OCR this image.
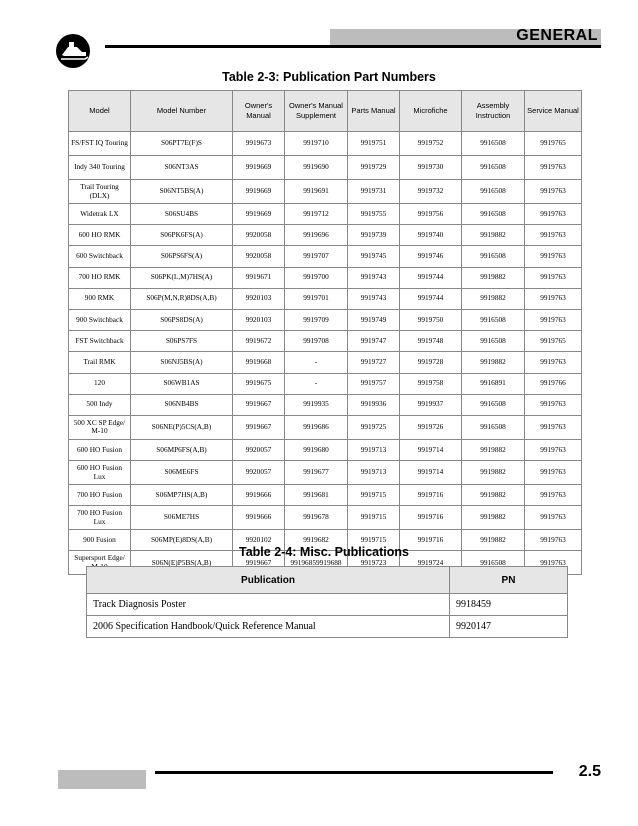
GENERAL
Table 2-3: Publication Part Numbers
Model	Model Number	Owner's Manual	Owner's Manual Supplement	Parts Manual	Microfiche	Assembly Instruction	Service Manual
FS/FST IQ Touring	S06PT7E(F)S	9919673	9919710	9919751	9919752	9916508	9919765
Indy 340 Touring	S06NT3AS	9919669	9919690	9919729	9919730	9916508	9919763
Trail Touring (DLX)	S06NT5BS(A)	9919669	9919691	9919731	9919732	9916508	9919763
Widetrak LX	S06SU4BS	9919669	9919712	9919755	9919756	9916508	9919763
600 HO RMK	S06PK6FS(A)	9920058	9919696	9919739	9919740	9919882	9919763
600 Switchback	S06PS6FS(A)	9920058	9919707	9919745	9919746	9916508	9919763
700 HO RMK	S06PK(L,M)7HS(A)	9919671	9919700	9919743	9919744	9919882	9919763
900 RMK	S06P(M,N,R)8DS(A,B)	9920103	9919701	9919743	9919744	9919882	9919763
900 Switchback	S06PS8DS(A)	9920103	9919709	9919749	9919750	9916508	9919763
FST Switchback	S06PS7FS	9919672	9919708	9919747	9919748	9916508	9919765
Trail RMK	S06NJ5BS(A)	9919668	-	9919727	9919728	9919882	9919763
120	S06WB1AS	9919675	-	9919757	9919758	9916891	9919766
500 Indy	S06NB4BS	9919667	9919935	9919936	9919937	9916508	9919763
500 XC SP Edge/ M-10	S06NE(P)5CS(A,B)	9919667	9919686	9919725	9919726	9916508	9919763
600 HO Fusion	S06MP6FS(A,B)	9920057	9919680	9919713	9919714	9919882	9919763
600 HO Fusion Lux	S06ME6FS	9920057	9919677	9919713	9919714	9919882	9919763
700 HO Fusion	S06MP7HS(A,B)	9919666	9919681	9919715	9919716	9919882	9919763
700 HO Fusion Lux	S06ME7HS	9919666	9919678	9919715	9919716	9919882	9919763
900 Fusion	S06MP(E)8DS(A,B)	9920102	9919682	9919715	9919716	9919882	9919763
Supersport Edge/	S06N(E)P5BS(A,B)	9919667	99196859919688	9919723	9919724	9916508	9919763
Table 2-4: Misc. Publications
Publication	PN
Track Diagnosis Poster	9918459
2006 Specification Handbook/Quick Reference Manual	9920147
2.5
